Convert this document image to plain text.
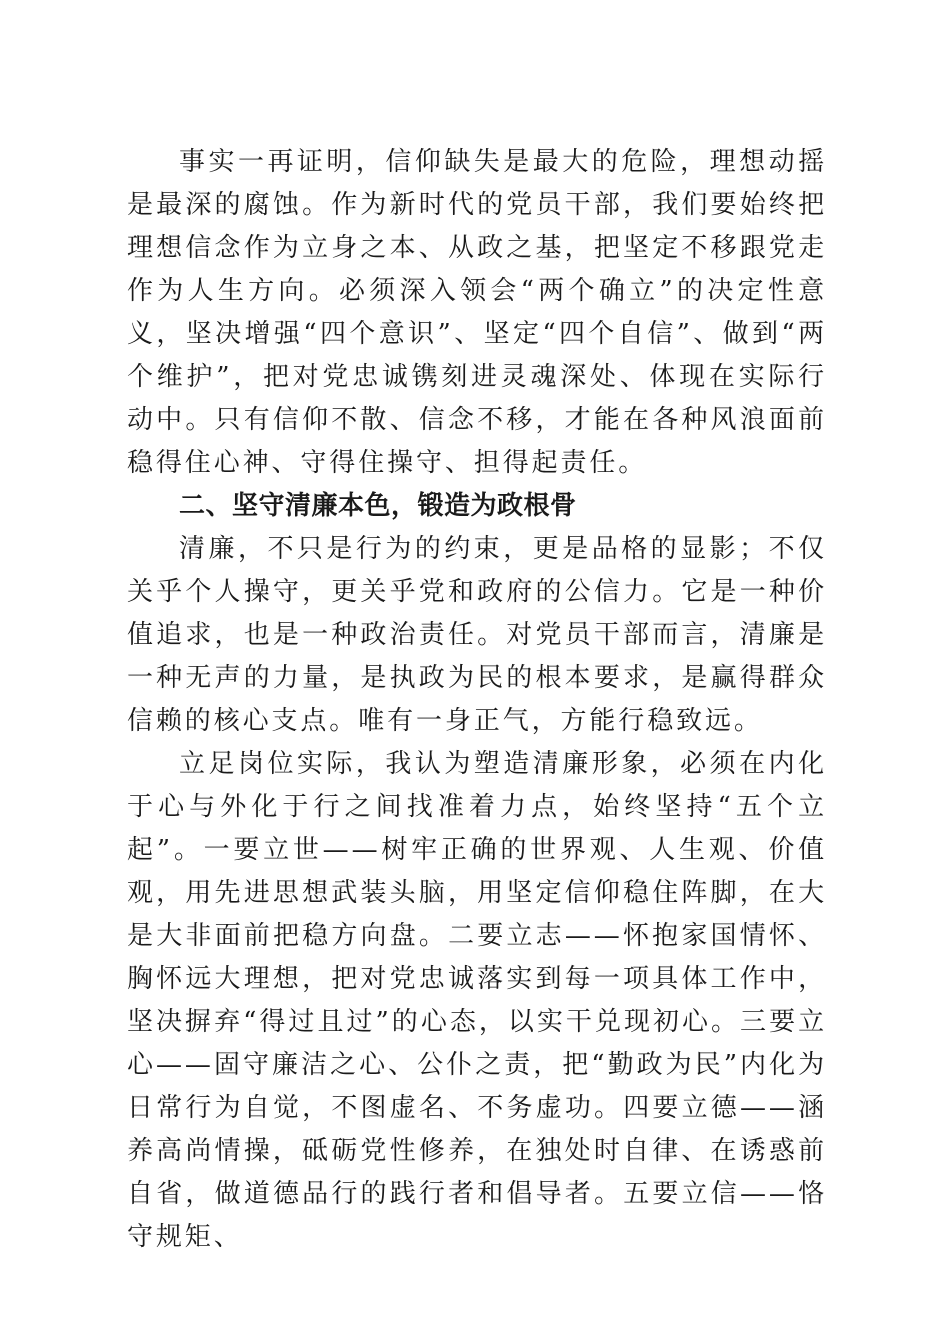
事实一再证明，信仰缺失是最大的危险，理想动摇是最深的腐蚀。作为新时代的党员干部，我们要始终把理想信念作为立身之本、从政之基，把坚定不移跟党走作为人生方向。必须深入领会“两个确立”的决定性意义，坚决增强“四个意识”、坚定“四个自信”、做到“两个维护”，把对党忠诚镌刻进灵魂深处、体现在实际行动中。只有信仰不散、信念不移，才能在各种风浪面前稳得住心神、守得住操守、担得起责任。

二、坚守清廉本色，锻造为政根骨

清廉，不只是行为的约束，更是品格的显影；不仅关乎个人操守，更关乎党和政府的公信力。它是一种价值追求，也是一种政治责任。对党员干部而言，清廉是一种无声的力量，是执政为民的根本要求，是赢得群众信赖的核心支点。唯有一身正气，方能行稳致远。

立足岗位实际，我认为塑造清廉形象，必须在内化于心与外化于行之间找准着力点，始终坚持“五个立起”。一要立世——树牢正确的世界观、人生观、价值观，用先进思想武装头脑，用坚定信仰稳住阵脚，在大是大非面前把稳方向盘。二要立志——怀抱家国情怀、胸怀远大理想，把对党忠诚落实到每一项具体工作中，坚决摒弃“得过且过”的心态，以实干兑现初心。三要立心——固守廉洁之心、公仆之责，把“勤政为民”内化为日常行为自觉，不图虚名、不务虚功。四要立德——涵养高尚情操，砥砺党性修养，在独处时自律、在诱惑前自省，做道德品行的践行者和倡导者。五要立信——恪守规矩、
